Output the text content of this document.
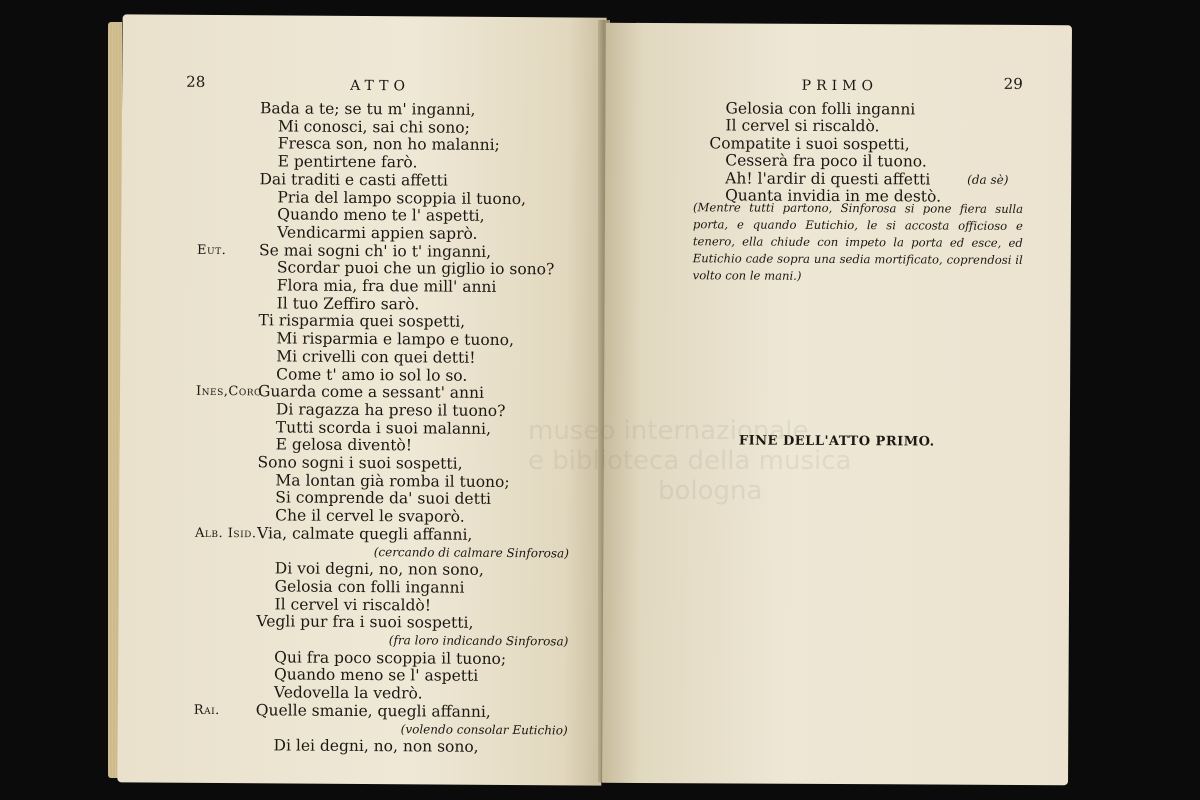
28	ATTO
Bada a te; se tu m' inganni,
Mi conosci, sai chi sono;
Fresca son, non ho malanni;
E pentirtene farò.
Dai traditi e casti affetti
Pria del lampo scoppia il tuono,
Quando meno te l' aspetti,
Vendicarmi appien saprò.
Eut. Se mai sogni ch' io t' inganni,
Scordar puoi che un giglio io sono?
Flora mia, fra due mill' anni
Il tuo Zeffiro sarò.
Ti risparmia quei sospetti,
Mi risparmia e lampo e tuono,
Mi crivelli con quei detti!
Come t' amo io sol lo so.
Ines,Coro
Guarda come a sessant' anni
Di ragazza ha preso il tuono?
Tutti scorda i suoi malanni,
E gelosa diventò!
Sono sogni i suoi sospetti,
Ma lontan già romba il tuono;
Si comprende da' suoi detti
Che il cervel le svaporò.
Alb. Isid. Via, calmate quegli affanni,
(cercando di calmare Sinforosa)
Di voi degni, no, non sono,
Gelosia con folli inganni
Il cervel vi riscaldò!
Vegli pur fra i suoi sospetti,
(fra loro indicando Sinforosa)
Qui fra poco scoppia il tuono;
Quando meno se l' aspetti
Vedovella la vedrò.
Rai. Quelle smanie, quegli affanni,
(volendo consolar Eutichio)
Di lei degni, no, non sono,
PRIMO	29
Gelosia con folli inganni
Il cervel si riscaldò.
Compatite i suoi sospetti,
Cesserà fra poco il tuono.
Ah! l'ardir di questi affetti	(da sè)
Quanta invidia in me destò.
(Mentre tutti partono, Sinforosa si pone fiera sulla porta, e quando Eutichio, le si accosta officioso e tenero, ella chiude con impeto la porta ed esce, ed Eutichio cade sopra una sedia mortificato, coprendosi il volto con le mani.)
FINE DELL'ATTO PRIMO.
museo internazionale
e biblioteca della musica
bologna
